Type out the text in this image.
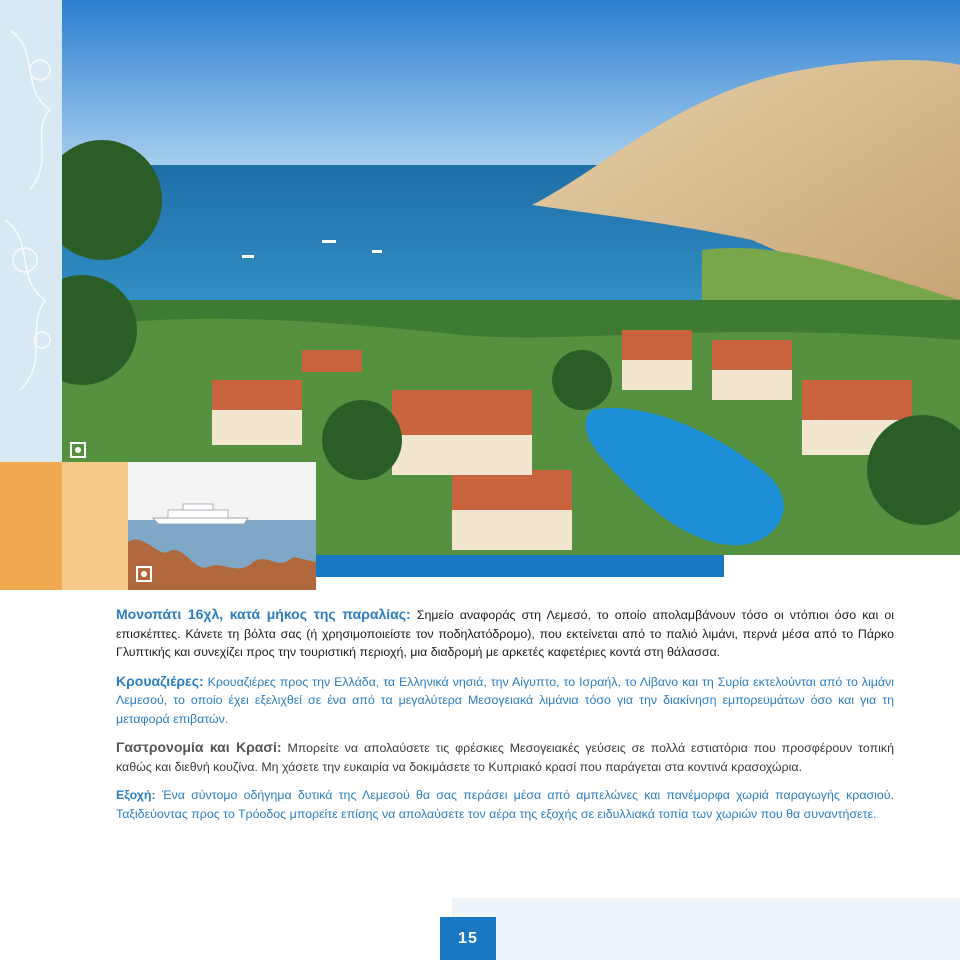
Μονοπάτι 16χλ, κατά μήκος της παραλίας: Σημείο αναφοράς στη Λεμεσό, το οποίο απολαμβάνουν τόσο οι ντόπιοι όσο και οι επισκέπτες. Κάνετε τη βόλτα σας (ή χρησιμοποιείστε τον ποδηλατόδρομο), που εκτείνεται από το παλιό λιμάνι, περνά μέσα από το Πάρκο Γλυπτικής και συνεχίζει προς την τουριστική περιοχή, μια διαδρομή με αρκετές καφετέριες κοντά στη θάλασσα.

Κρουαζιέρες: Κρουαζιέρες προς την Ελλάδα, τα Ελληνικά νησιά, την Αίγυπτο, το Ισραήλ, το Λίβανο και τη Συρία εκτελούνται από το λιμάνι Λεμεσού, το οποίο έχει εξελιχθεί σε ένα από τα μεγαλύτερα Μεσογειακά λιμάνια τόσο για την διακίνηση εμπορευμάτων όσο και για τη μεταφορά επιβατών.

Γαστρονομία και Κρασί: Μπορείτε να απολαύσετε τις φρέσκιες Μεσογειακές γεύσεις σε πολλά εστιατόρια που προσφέρουν τοπική καθώς και διεθνή κουζίνα. Μη χάσετε την ευκαιρία να δοκιμάσετε το Κυπριακό κρασί που παράγεται στα κοντινά κρασοχώρια.

Εξοχή: Ένα σύντομο οδήγημα δυτικά της Λεμεσού θα σας περάσει μέσα από αμπελώνες και πανέμορφα χωριά παραγωγής κρασιού. Ταξιδεύοντας προς το Τρόοδος μπορείτε επίσης να απολαύσετε τον αέρα της εξοχής σε ειδυλλιακά τοπία των χωριών που θα συναντήσετε.

15
